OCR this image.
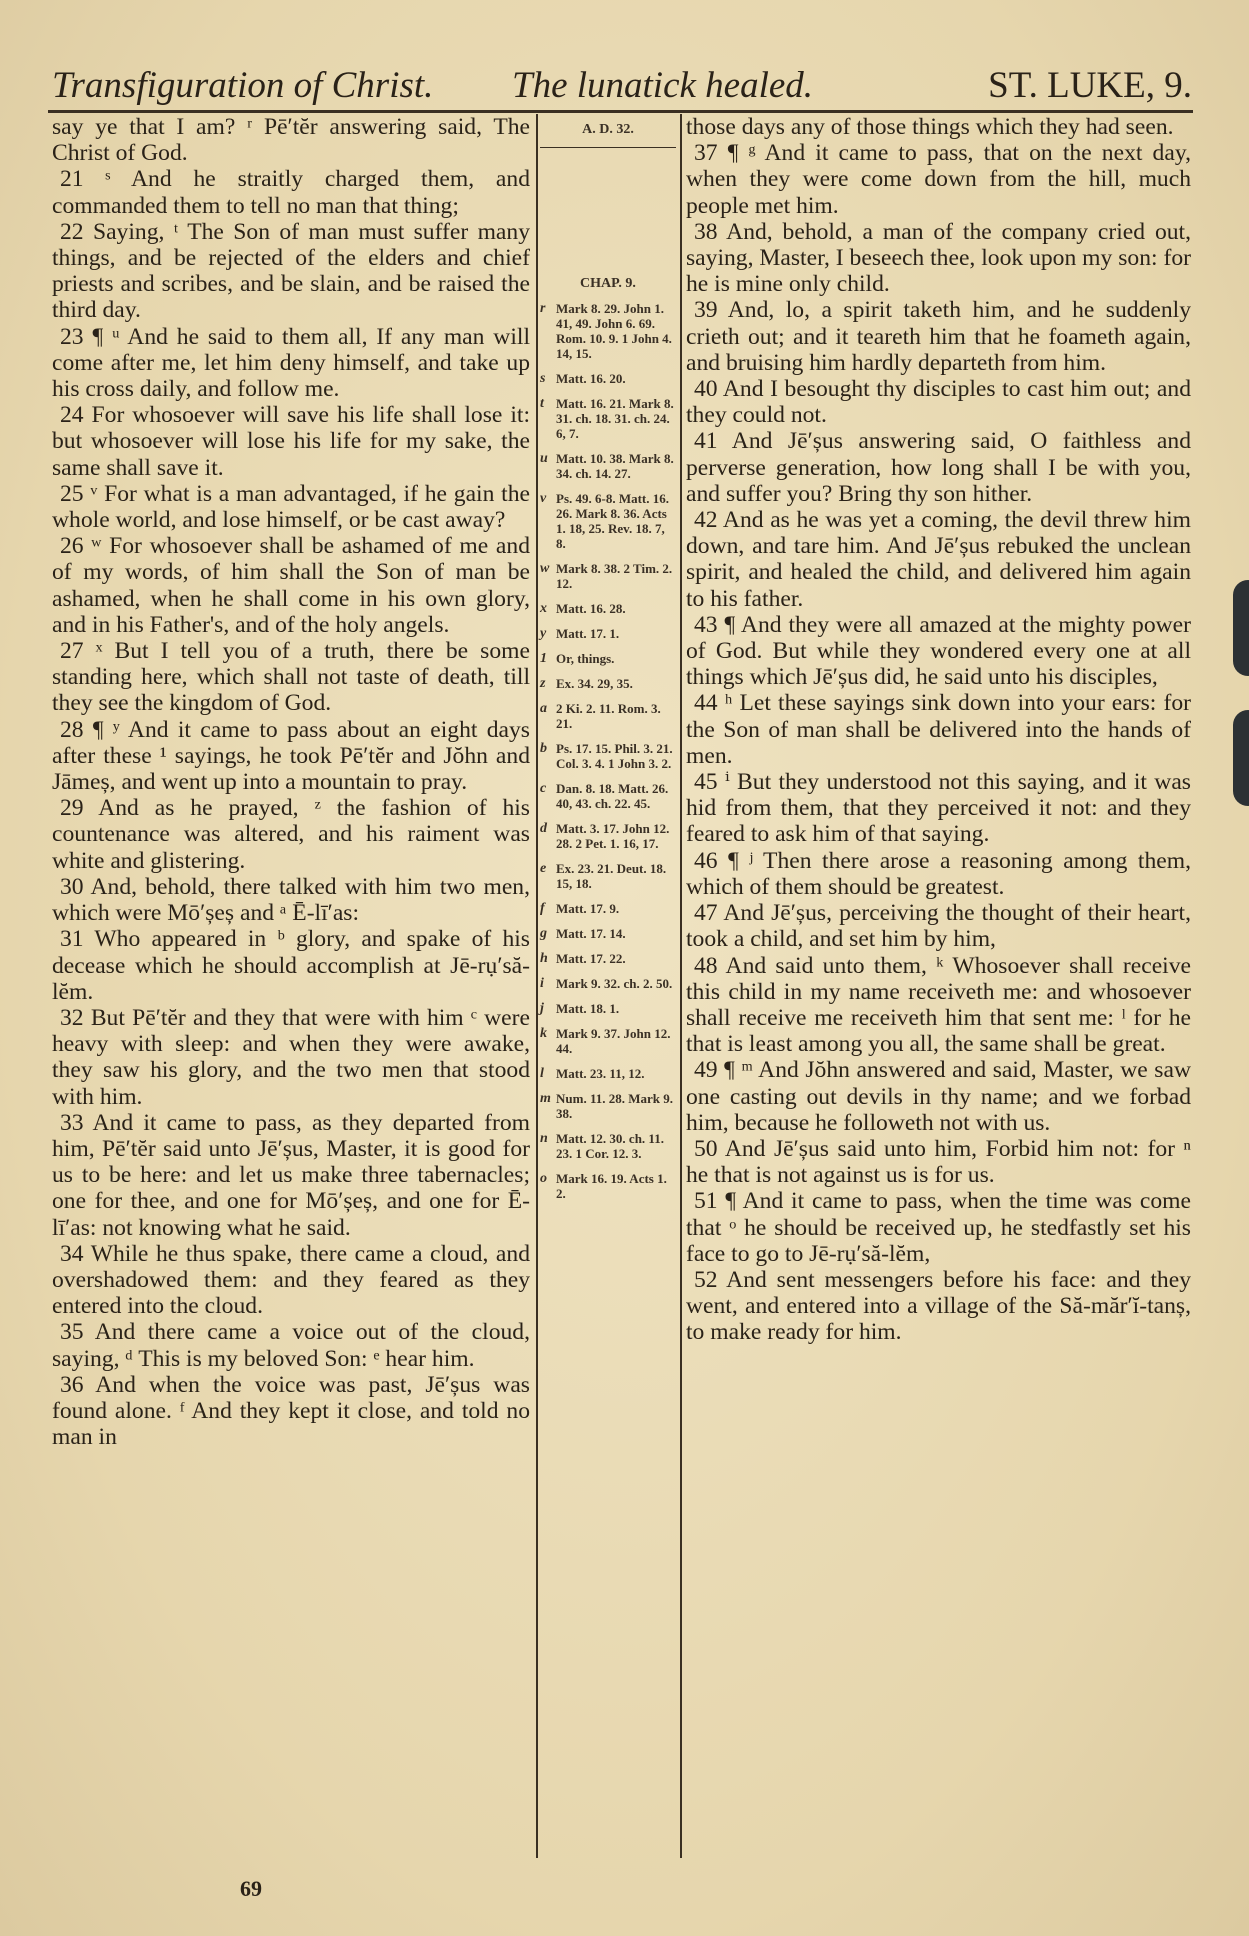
Transfiguration of Christ. The lunatick healed.	ST. LUKE, 9.

say ye that I am? ʳ Pē′tĕr answering said, The Christ of God.

21 ˢ And he straitly charged them, and commanded them to tell no man that thing;

22 Saying, ᵗ The Son of man must suffer many things, and be rejected of the elders and chief priests and scribes, and be slain, and be raised the third day.

23 ¶ ᵘ And he said to them all, If any man will come after me, let him deny himself, and take up his cross daily, and follow me.

24 For whosoever will save his life shall lose it: but whosoever will lose his life for my sake, the same shall save it.

25 ᵛ For what is a man advantaged, if he gain the whole world, and lose himself, or be cast away?

26 ʷ For whosoever shall be ashamed of me and of my words, of him shall the Son of man be ashamed, when he shall come in his own glory, and in his Father's, and of the holy angels.

27 ˣ But I tell you of a truth, there be some standing here, which shall not taste of death, till they see the kingdom of God.

28 ¶ ʸ And it came to pass about an eight days after these ¹ sayings, he took Pē′tĕr and Jŏhn and Jāmeș, and went up into a mountain to pray.

29 And as he prayed, ᶻ the fashion of his countenance was altered, and his raiment was white and glistering.

30 And, behold, there talked with him two men, which were Mō′șeș and ᵃ Ē-lī′as:

31 Who appeared in ᵇ glory, and spake of his decease which he should accomplish at Jē-rụ′să-lĕm.

32 But Pē′tĕr and they that were with him ᶜ were heavy with sleep: and when they were awake, they saw his glory, and the two men that stood with him.

33 And it came to pass, as they departed from him, Pē′tĕr said unto Jē′șus, Master, it is good for us to be here: and let us make three tabernacles; one for thee, and one for Mō′șeș, and one for Ē-lī′as: not knowing what he said.

34 While he thus spake, there came a cloud, and overshadowed them: and they feared as they entered into the cloud.

35 And there came a voice out of the cloud, saying, ᵈ This is my beloved Son: ᵉ hear him.

36 And when the voice was past, Jē′șus was found alone. ᶠ And they kept it close, and told no man in

A. D. 32.
CHAP. 9.
r Mark 8. 29. John 1. 41, 49. John 6. 69. Rom. 10. 9. 1 John 4. 14, 15.
s Matt. 16. 20.
t Matt. 16. 21. Mark 8. 31. ch. 18. 31. ch. 24. 6, 7.
u Matt. 10. 38. Mark 8. 34. ch. 14. 27.
v Ps. 49. 6-8. Matt. 16. 26. Mark 8. 36. Acts 1. 18, 25. Rev. 18. 7, 8.
w Mark 8. 38. 2 Tim. 2. 12.
x Matt. 16. 28.
y Matt. 17. 1.
1 Or, things.
z Ex. 34. 29, 35.
a 2 Ki. 2. 11. Rom. 3. 21.
b Ps. 17. 15. Phil. 3. 21. Col. 3. 4. 1 John 3. 2.
c Dan. 8. 18. Matt. 26. 40, 43. ch. 22. 45.
d Matt. 3. 17. John 12. 28. 2 Pet. 1. 16, 17.
e Ex. 23. 21. Deut. 18. 15, 18.
f Matt. 17. 9.
g Matt. 17. 14.
h Matt. 17. 22.
i Mark 9. 32. ch. 2. 50.
j Matt. 18. 1.
k Mark 9. 37. John 12. 44.
l Matt. 23. 11, 12.
m Num. 11. 28. Mark 9. 38.
n Matt. 12. 30. ch. 11. 23. 1 Cor. 12. 3.
o Mark 16. 19. Acts 1. 2.

those days any of those things which they had seen.

37 ¶ ᵍ And it came to pass, that on the next day, when they were come down from the hill, much people met him.

38 And, behold, a man of the company cried out, saying, Master, I beseech thee, look upon my son: for he is mine only child.

39 And, lo, a spirit taketh him, and he suddenly crieth out; and it teareth him that he foameth again, and bruising him hardly departeth from him.

40 And I besought thy disciples to cast him out; and they could not.

41 And Jē′șus answering said, O faithless and perverse generation, how long shall I be with you, and suffer you? Bring thy son hither.

42 And as he was yet a coming, the devil threw him down, and tare him. And Jē′șus rebuked the unclean spirit, and healed the child, and delivered him again to his father.

43 ¶ And they were all amazed at the mighty power of God. But while they wondered every one at all things which Jē′șus did, he said unto his disciples,

44 ʰ Let these sayings sink down into your ears: for the Son of man shall be delivered into the hands of men.

45 ⁱ But they understood not this saying, and it was hid from them, that they perceived it not: and they feared to ask him of that saying.

46 ¶ ʲ Then there arose a reasoning among them, which of them should be greatest.

47 And Jē′șus, perceiving the thought of their heart, took a child, and set him by him,

48 And said unto them, ᵏ Whosoever shall receive this child in my name receiveth me: and whosoever shall receive me receiveth him that sent me: ˡ for he that is least among you all, the same shall be great.

49 ¶ ᵐ And Jŏhn answered and said, Master, we saw one casting out devils in thy name; and we forbad him, because he followeth not with us.

50 And Jē′șus said unto him, Forbid him not: for ⁿ he that is not against us is for us.

51 ¶ And it came to pass, when the time was come that ᵒ he should be received up, he stedfastly set his face to go to Jē-rụ′să-lĕm,

52 And sent messengers before his face: and they went, and entered into a village of the Să-măr′ĭ-tanș, to make ready for him.

69
